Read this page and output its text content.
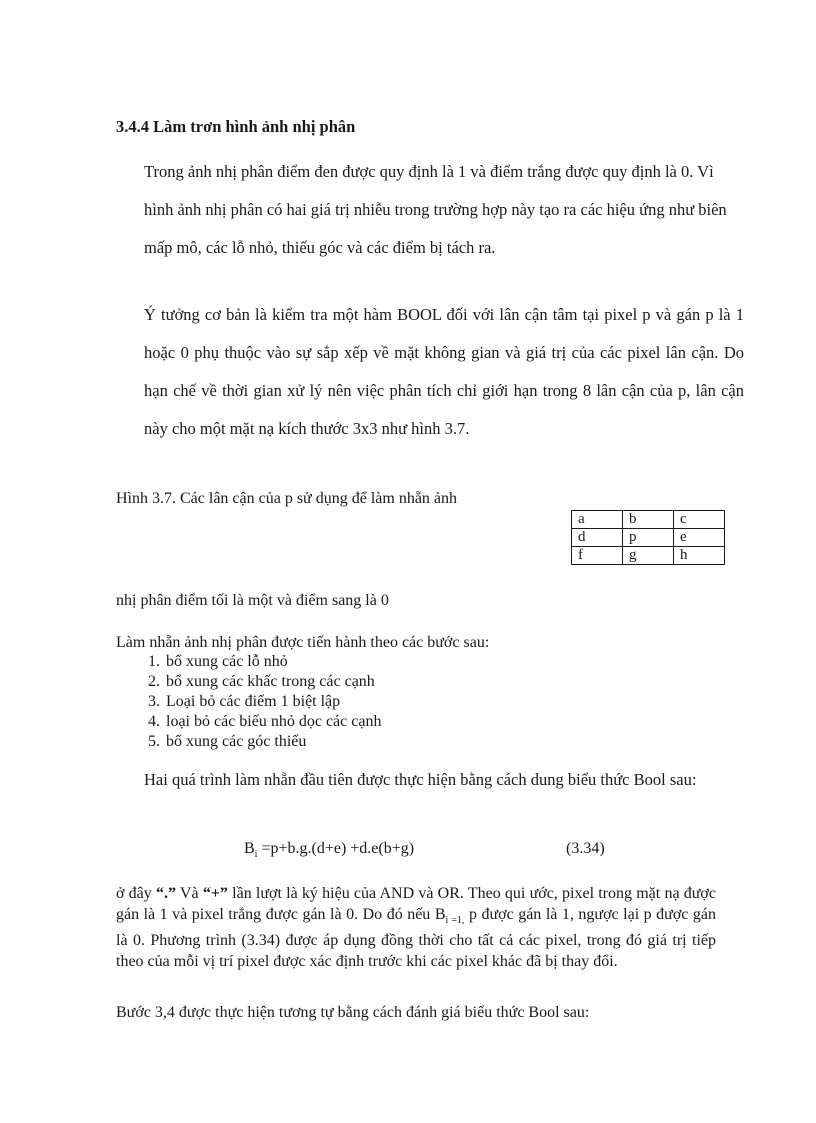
3.4.4 Làm trơn hình ảnh nhị phân

Trong ảnh nhị phân điểm đen được quy định là 1 và điểm trắng được quy định là 0. Vì hình ảnh nhị phân có hai giá trị nhiễu trong trường hợp này tạo ra các hiệu ứng như biên mấp mô, các lỗ nhỏ, thiếu góc và các điểm bị tách ra.

Ý tưởng cơ bản là kiểm tra một hàm BOOL đối với lân cận tâm tại pixel p và gán p là 1 hoặc 0 phụ thuộc vào sự sắp xếp về mặt không gian và giá trị của các pixel lân cận. Do hạn chế về thời gian xử lý nên việc phân tích chỉ giới hạn trong 8 lân cận của p, lân cận này cho một mặt nạ kích thước 3x3 như hình 3.7.

Hình 3.7. Các lân cận của p sử dụng để làm nhẵn ảnh

a	b	c
d	p	e
f	g	h

nhị phân điểm tối là một và điểm sang là 0

Làm nhẵn ảnh nhị phân được tiến hành theo các bước sau:

1. bổ xung các lỗ nhỏ
2. bổ xung các khấc trong các cạnh
3. Loại bỏ các điểm 1 biệt lập
4. loại bỏ các biếu nhỏ dọc các cạnh
5. bổ xung các góc thiếu

Hai quá trình làm nhẵn đầu tiên được thực hiện bằng cách dung biểu thức Bool sau:

$B_i =p+b.g.(d+e) +d.e(b+g)$	(3.34)

ở đây “.” Và “+” lần lượt là ký hiệu của AND và OR. Theo qui ước, pixel trong mặt nạ được gán là 1 và pixel trắng được gán là 0. Do đó nếu $B_{i =1,}$ p được gán là 1, ngược lại p được gán là 0. Phương trình (3.34) được áp dụng đồng thời cho tất cả các pixel, trong đó giá trị tiếp theo của mỗi vị trí pixel được xác định trước khi các pixel khác đã bị thay đổi.

Bước 3,4 được thực hiện tương tự bằng cách đánh giá biểu thức Bool sau:
